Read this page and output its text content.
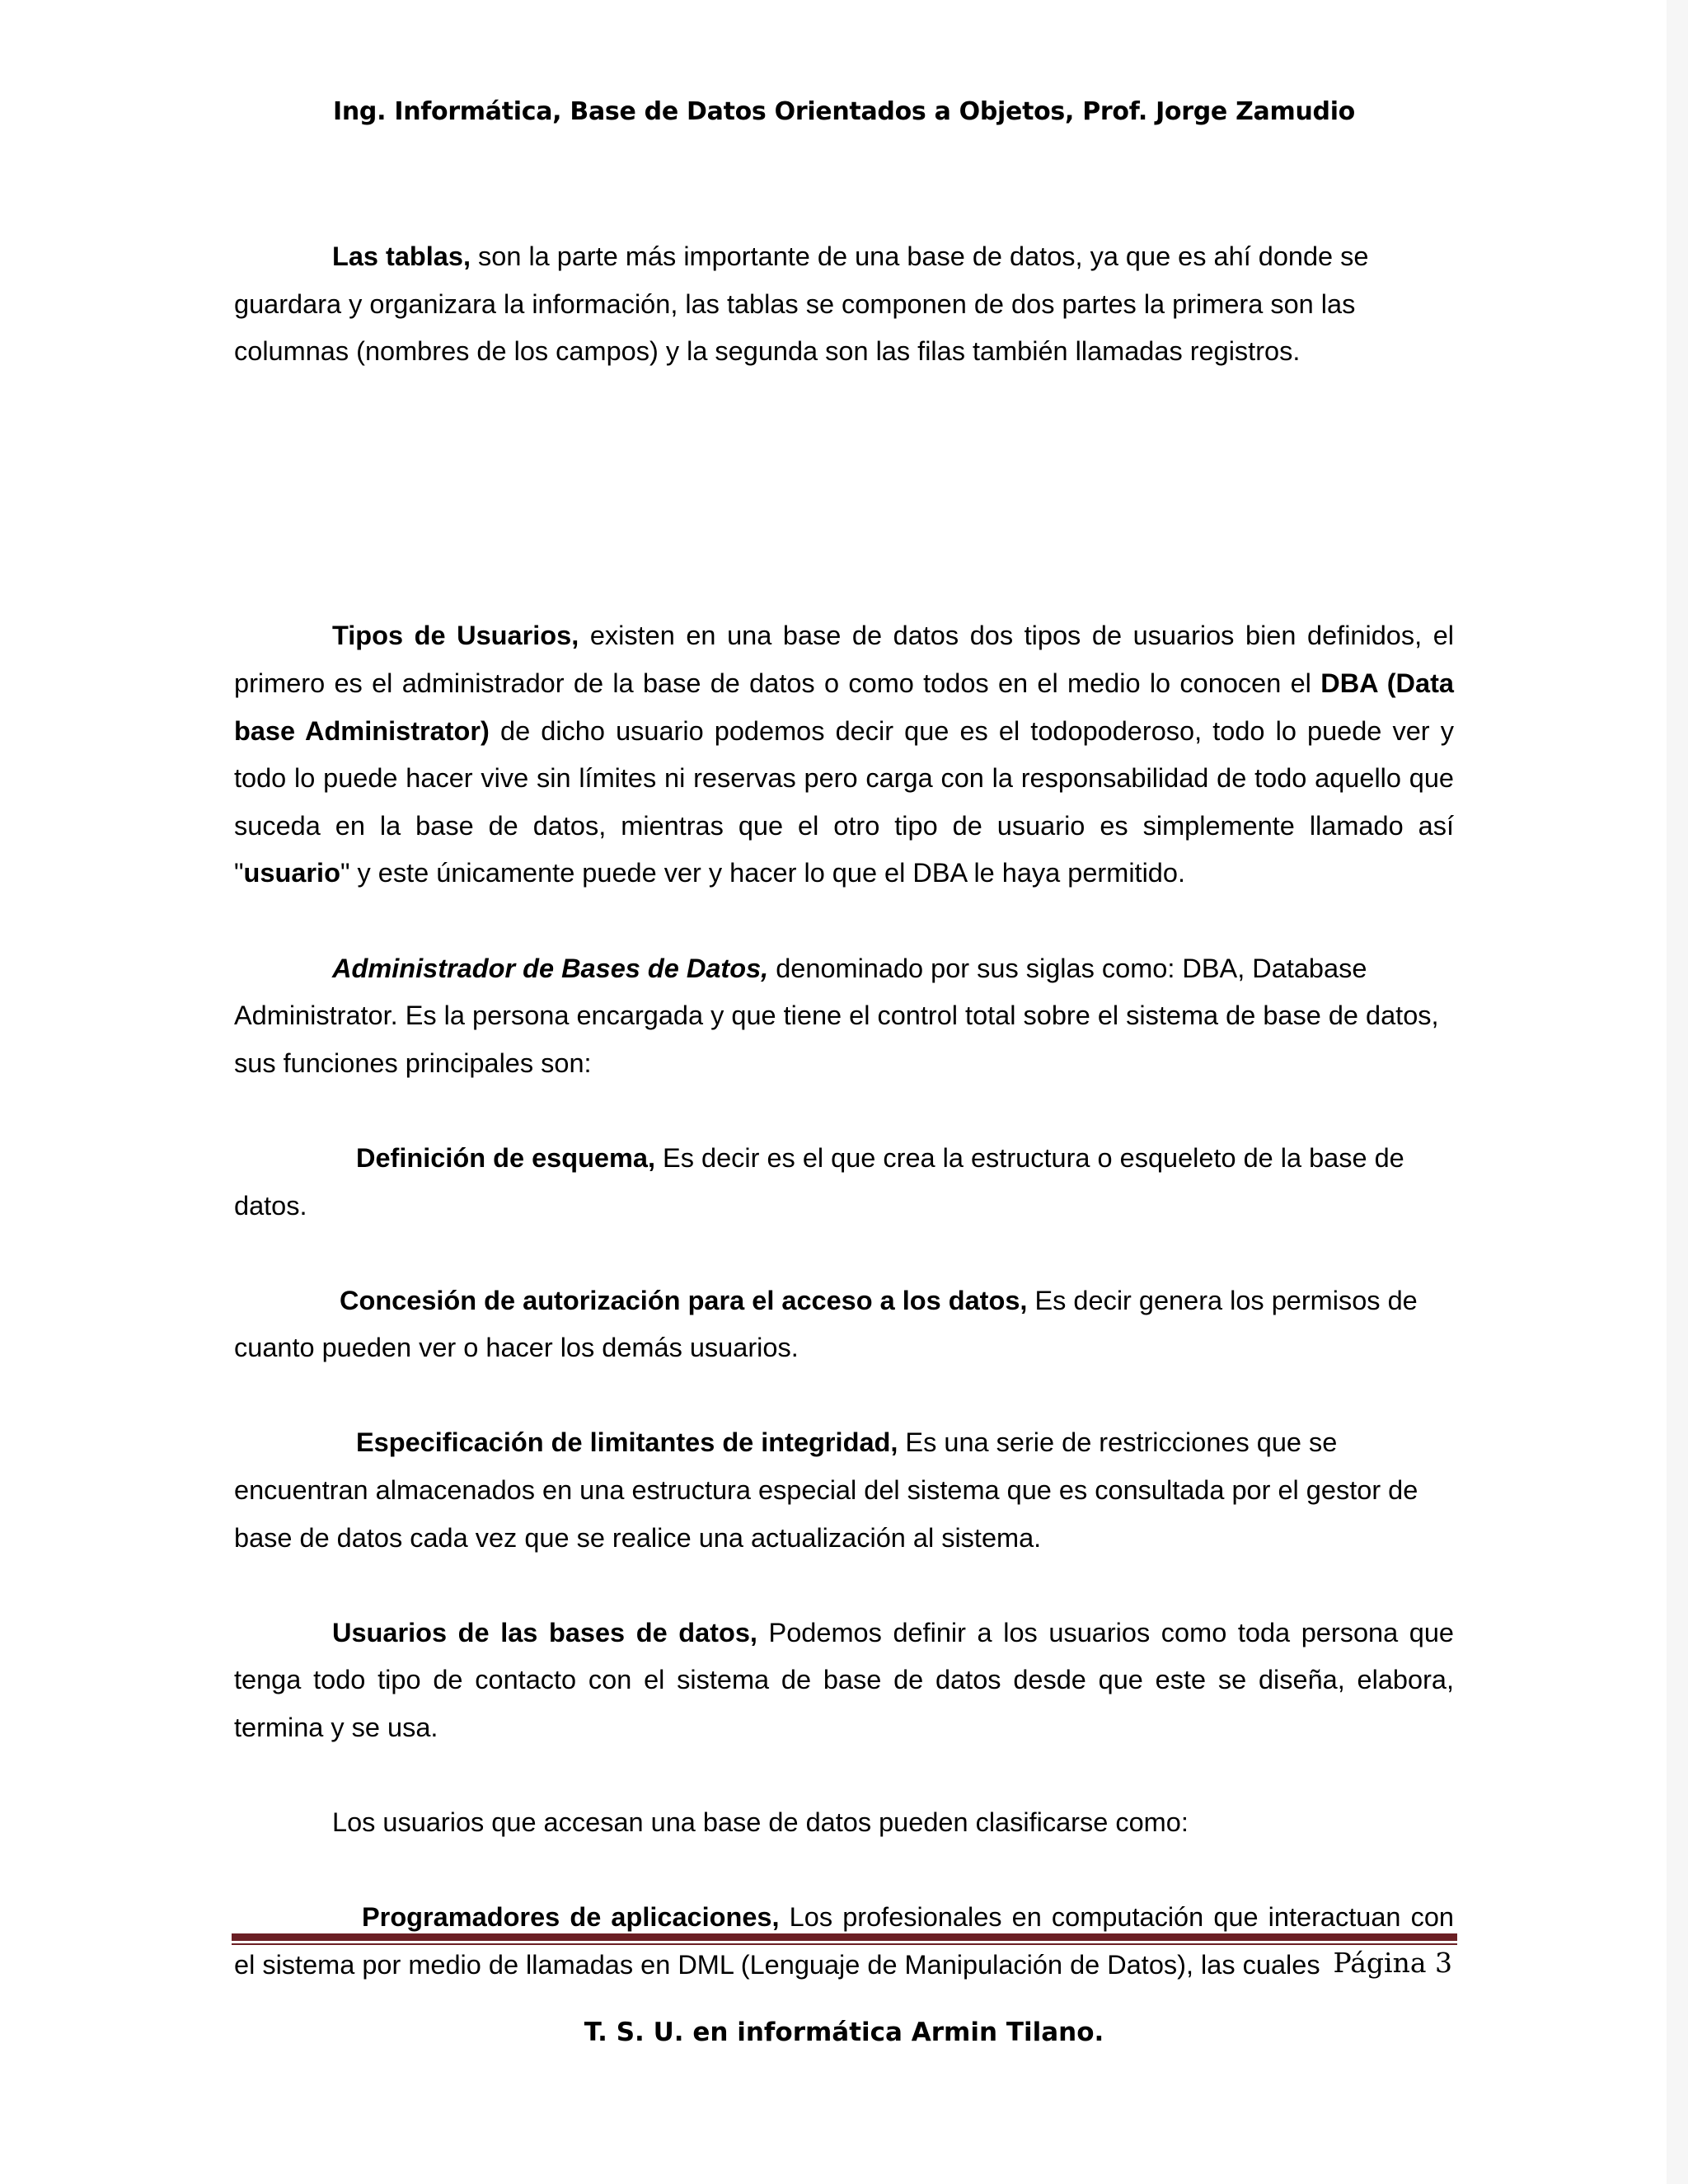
Ing. Informática, Base de Datos Orientados a Objetos, Prof. Jorge Zamudio

Las tablas, son la parte más importante de una base de datos, ya que es ahí donde se guardara y organizara la información, las tablas se componen de dos partes la primera son las columnas (nombres de los campos) y la segunda son las filas también llamadas registros.

Tipos de Usuarios, existen en una base de datos dos tipos de usuarios bien definidos, el primero es el administrador de la base de datos o como todos en el medio lo conocen el DBA (Data base Administrator) de dicho usuario podemos decir que es el todopoderoso, todo lo puede ver y todo lo puede hacer vive sin límites ni reservas pero carga con la responsabilidad de todo aquello que suceda en la base de datos, mientras que el otro tipo de usuario es simplemente llamado así "usuario" y este únicamente puede ver y hacer lo que el DBA le haya permitido.

Administrador de Bases de Datos, denominado por sus siglas como: DBA, Database Administrator. Es la persona encargada y que tiene el control total sobre el sistema de base de datos, sus funciones principales son:

Definición de esquema, Es decir es el que crea la estructura o esqueleto de la base de datos.

Concesión de autorización para el acceso a los datos, Es decir genera los permisos de cuanto pueden ver o hacer los demás usuarios.

Especificación de limitantes de integridad, Es una serie de restricciones que se encuentran almacenados en una estructura especial del sistema que es consultada por el gestor de base de datos cada vez que se realice una actualización al sistema.

Usuarios de las bases de datos, Podemos definir a los usuarios como toda persona que tenga todo tipo de contacto con el sistema de base de datos desde que este se diseña, elabora, termina y se usa.

Los usuarios que accesan una base de datos pueden clasificarse como:

Programadores de aplicaciones, Los profesionales en computación que interactuan con el sistema por medio de llamadas en DML (Lenguaje de Manipulación de Datos), las cuales Página 3
T. S. U. en informática Armin Tilano.
